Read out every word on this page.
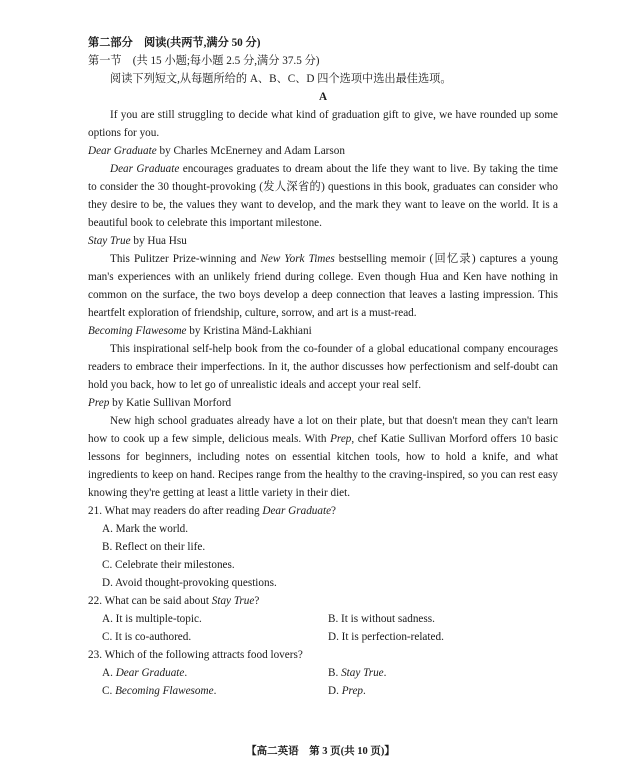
第二部分　阅读(共两节,满分 50 分)
第一节　(共 15 小题;每小题 2.5 分,满分 37.5 分)
阅读下列短文,从每题所给的 A、B、C、D 四个选项中选出最佳选项。
A

If you are still struggling to decide what kind of graduation gift to give, we have rounded up some options for you.

Dear Graduate by Charles McEnerney and Adam Larson

Dear Graduate encourages graduates to dream about the life they want to live. By taking the time to consider the 30 thought-provoking (发人深省的) questions in this book, graduates can consider who they desire to be, the values they want to develop, and the mark they want to leave on the world. It is a beautiful book to celebrate this important milestone.

Stay True by Hua Hsu

This Pulitzer Prize-winning and New York Times bestselling memoir (回忆录) captures a young man's experiences with an unlikely friend during college. Even though Hua and Ken have nothing in common on the surface, the two boys develop a deep connection that leaves a lasting impression. This heartfelt exploration of friendship, culture, sorrow, and art is a must-read.

Becoming Flawesome by Kristina Mänd-Lakhiani

This inspirational self-help book from the co-founder of a global educational company encourages readers to embrace their imperfections. In it, the author discusses how perfectionism and self-doubt can hold you back, how to let go of unrealistic ideals and accept your real self.

Prep by Katie Sullivan Morford

New high school graduates already have a lot on their plate, but that doesn't mean they can't learn how to cook up a few simple, delicious meals. With Prep, chef Katie Sullivan Morford offers 10 basic lessons for beginners, including notes on essential kitchen tools, how to hold a knife, and what ingredients to keep on hand. Recipes range from the healthy to the craving-inspired, so you can rest easy knowing they're getting at least a little variety in their diet.

21. What may readers do after reading Dear Graduate?
A. Mark the world.
B. Reflect on their life.
C. Celebrate their milestones.
D. Avoid thought-provoking questions.
22. What can be said about Stay True?
A. It is multiple-topic.	B. It is without sadness.
C. It is co-authored.	D. It is perfection-related.
23. Which of the following attracts food lovers?
A. Dear Graduate.	B. Stay True.
C. Becoming Flawesome.	D. Prep.
【高二英语　第 3 页(共 10 页)】
